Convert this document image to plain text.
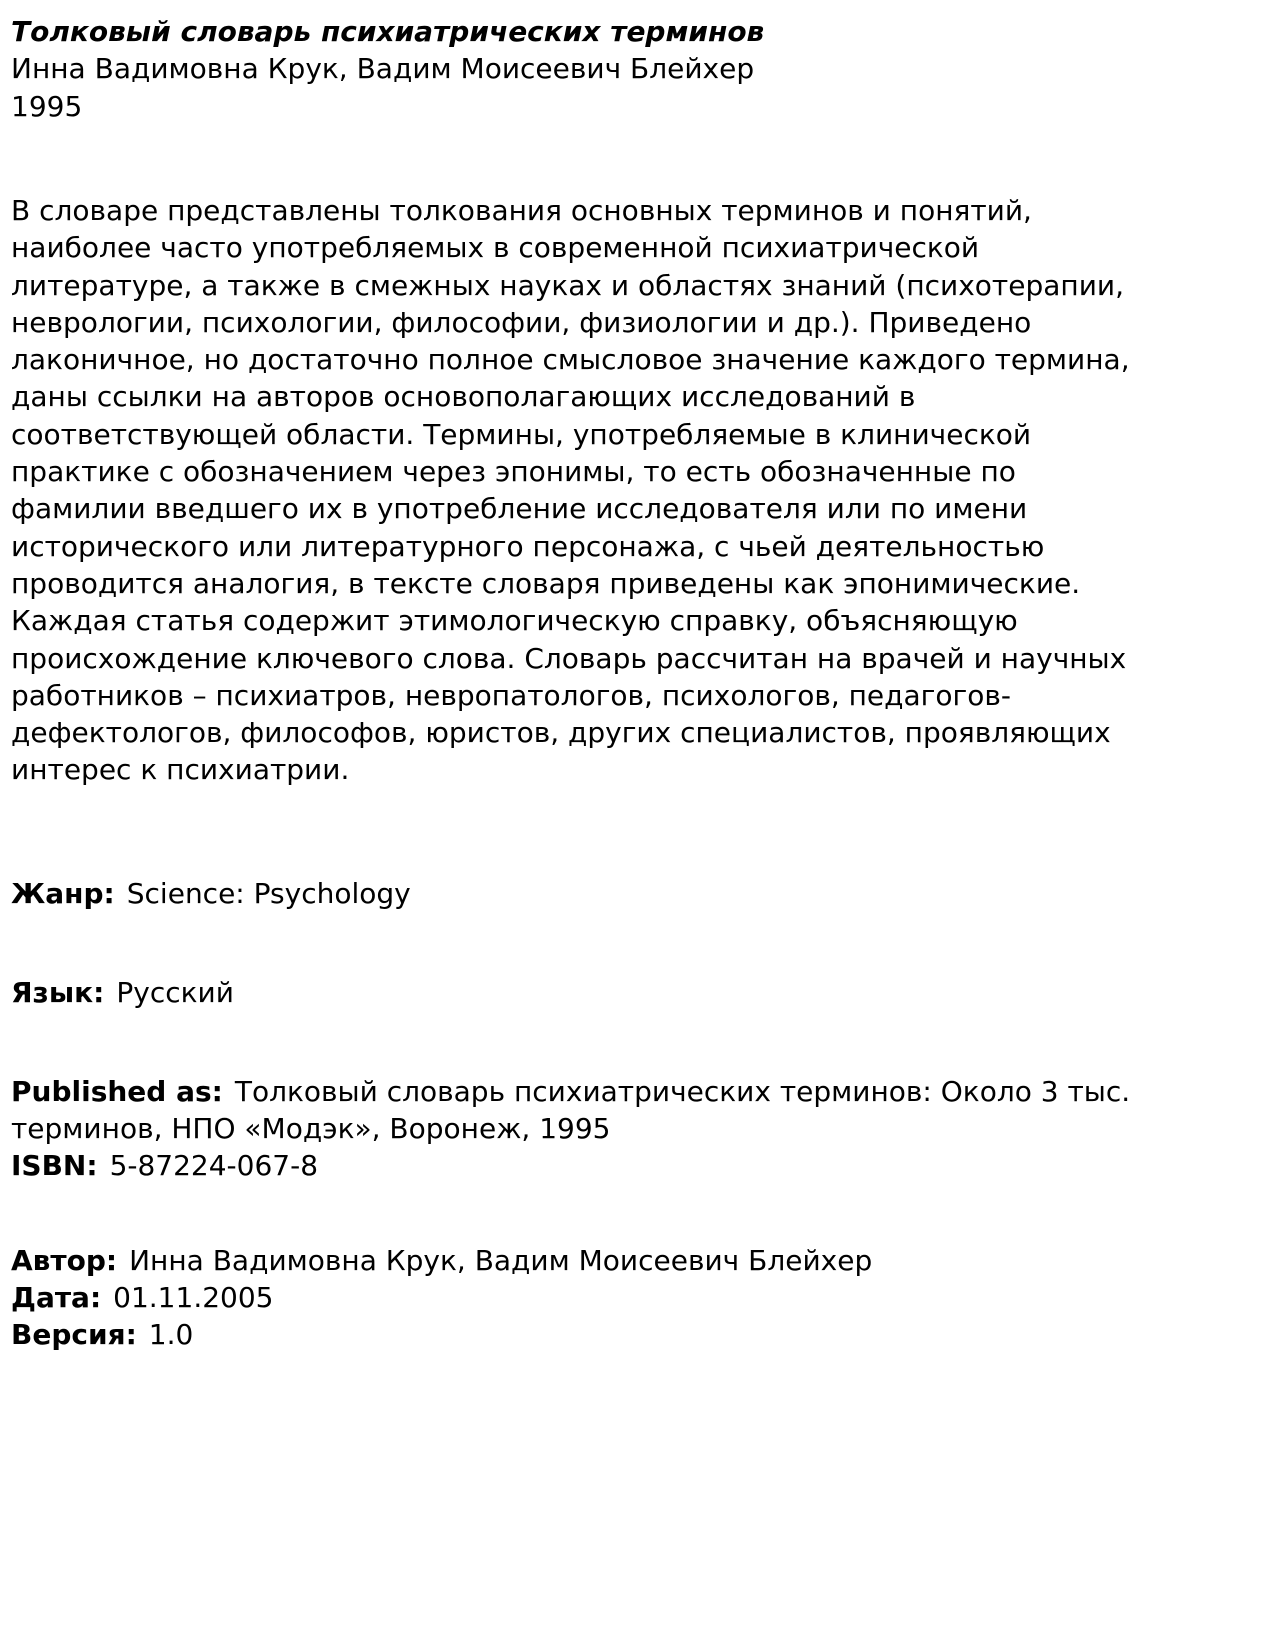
Толковый словарь психиатрических терминов
Инна Вадимовна Крук, Вадим Моисеевич Блейхер
1995
В словаре представлены толкования основных терминов и понятий,
наиболее часто употребляемых в современной психиатрической
литературе, а также в смежных науках и областях знаний (психотерапии,
неврологии, психологии, философии, физиологии и др.). Приведено
лаконичное, но достаточно полное смысловое значение каждого термина,
даны ссылки на авторов основополагающих исследований в
соответствующей области. Термины, употребляемые в клинической
практике с обозначением через эпонимы, то есть обозначенные по
фамилии введшего их в употребление исследователя или по имени
исторического или литературного персонажа, с чьей деятельностью
проводится аналогия, в тексте словаря приведены как эпонимические.
Каждая статья содержит этимологическую справку, объясняющую
происхождение ключевого слова. Словарь рассчитан на врачей и научных
работников – психиатров, невропатологов, психологов, педагогов-
дефектологов, философов, юристов, других специалистов, проявляющих
интерес к психиатрии.
Жанр: Science: Psychology
Язык: Русский
Published as: Толковый словарь психиатрических терминов: Около 3 тыс.
терминов, НПО «Модэк», Воронеж, 1995
ISBN: 5-87224-067-8
Автор: Инна Вадимовна Крук, Вадим Моисеевич Блейхер
Дата: 01.11.2005
Версия: 1.0
